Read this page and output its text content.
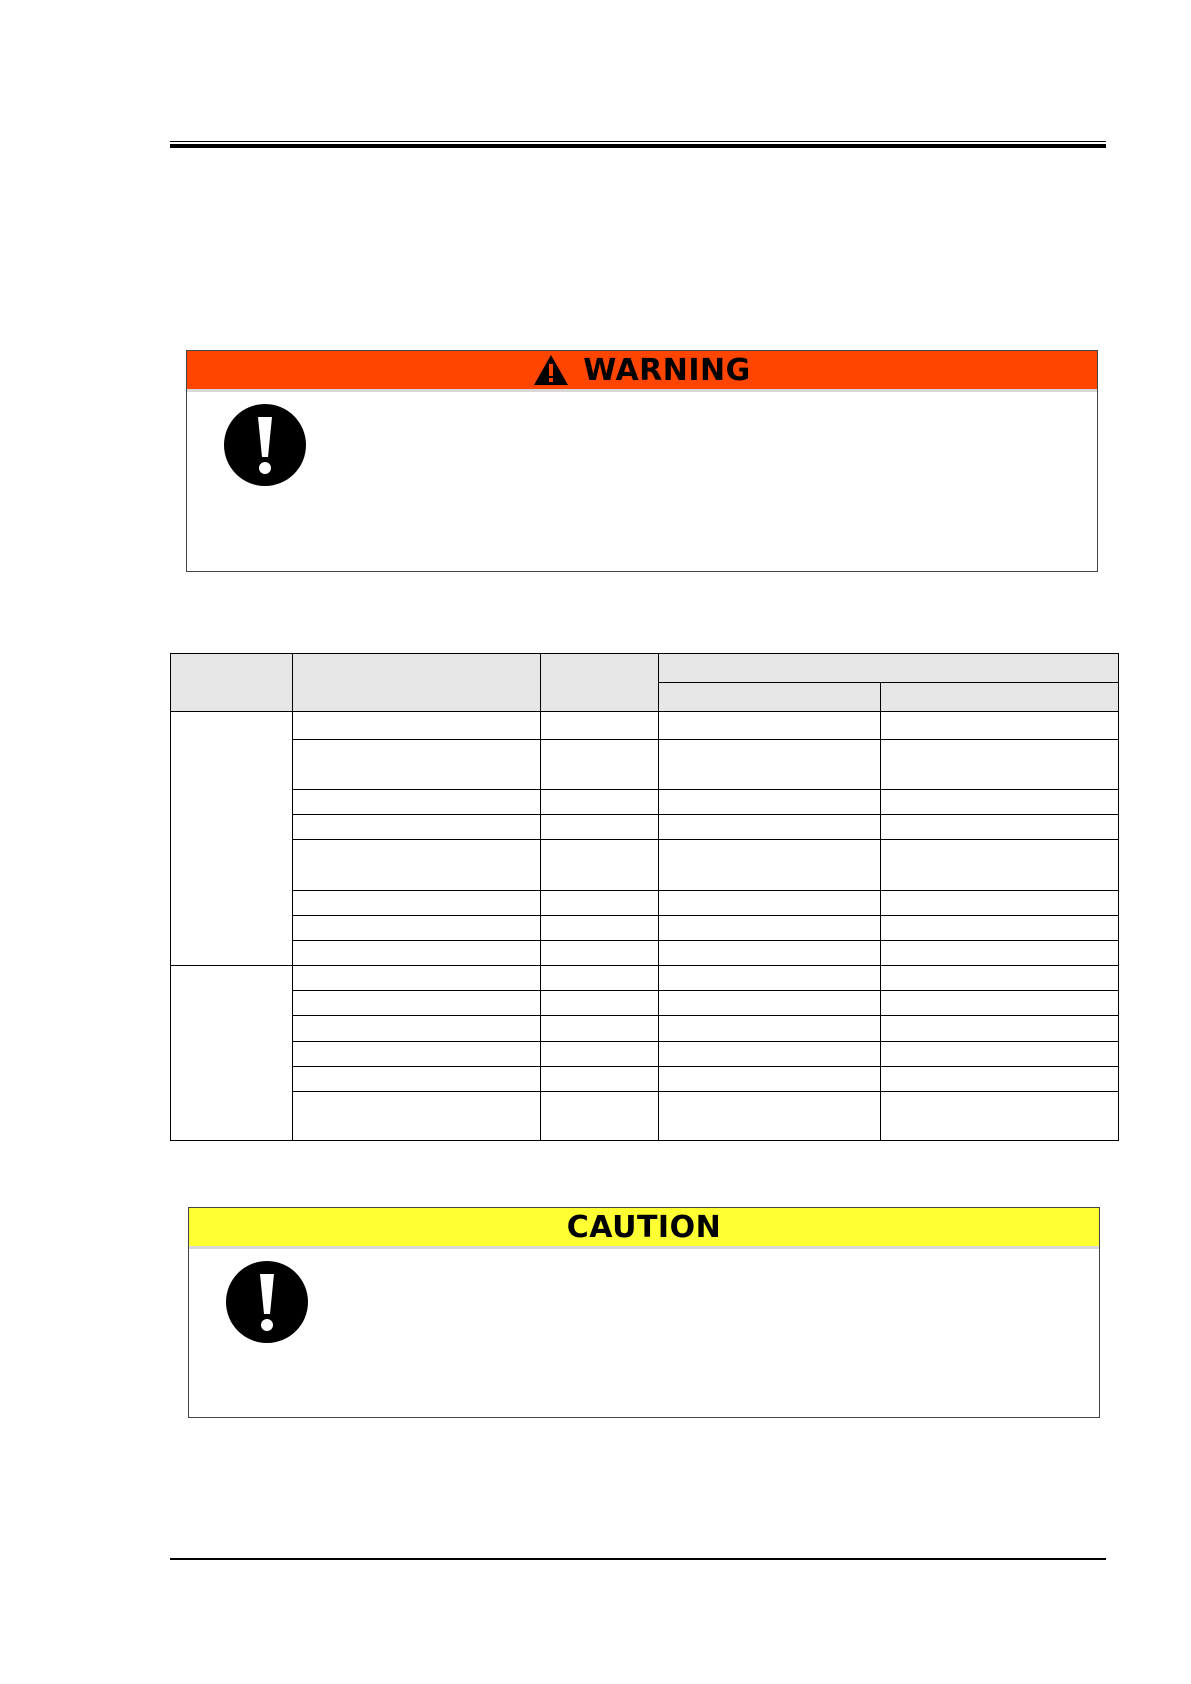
WARNING

CAUTION
